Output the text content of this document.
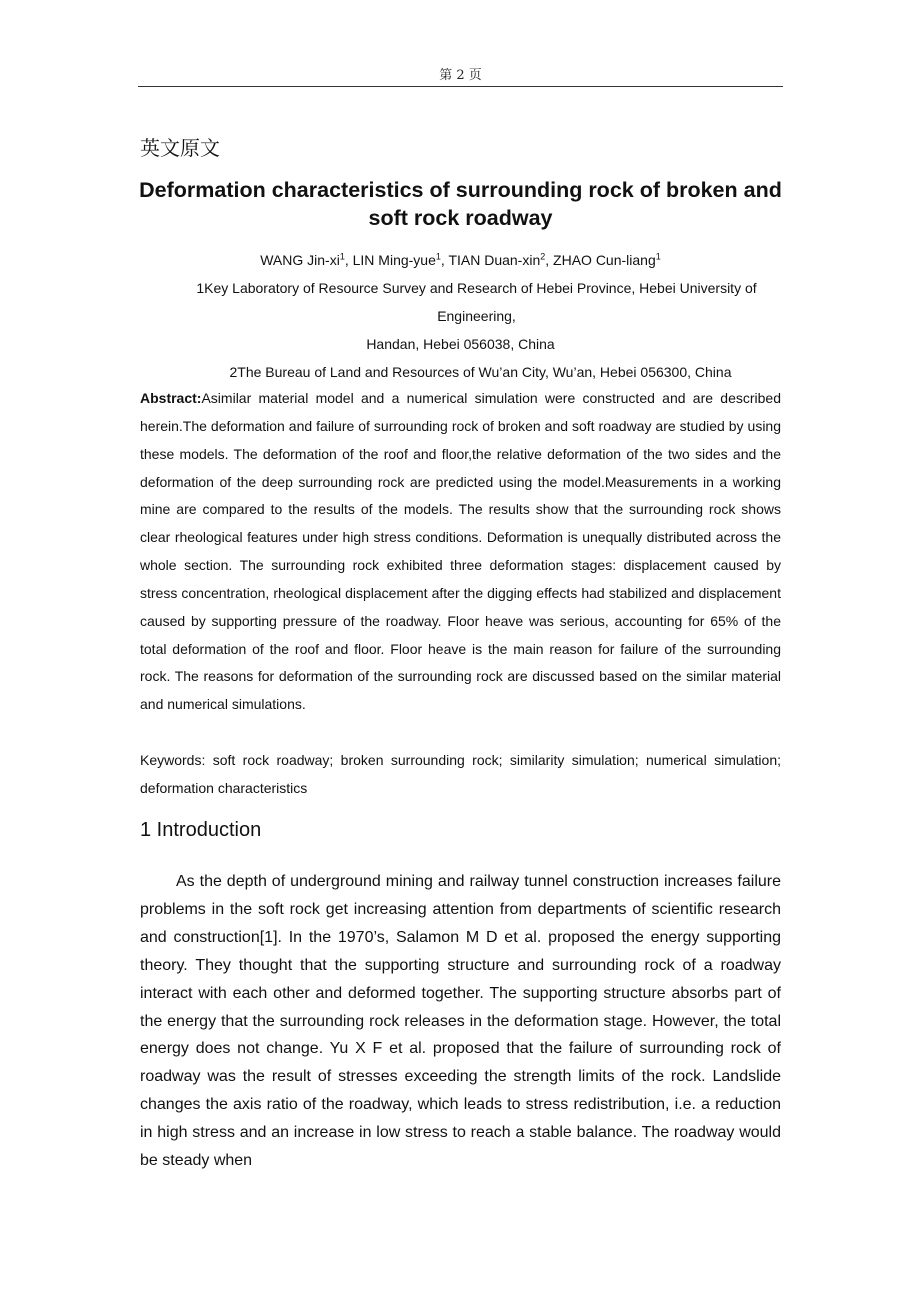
第 2 页
英文原文
Deformation characteristics of surrounding rock of broken and soft rock roadway
WANG Jin-$xi^1$, LIN Ming-yue$^1$, TIAN Duan-xin$^2$, ZHAO Cun-liang$^1$
1Key Laboratory of Resource Survey and Research of Hebei Province, Hebei University of Engineering,
Handan, Hebei 056038, China
2The Bureau of Land and Resources of Wu’an City, Wu’an, Hebei 056300, China
Abstract:Asimilar material model and a numerical simulation were constructed and are described herein.The deformation and failure of surrounding rock of broken and soft roadway are studied by using these models. The deformation of the roof and floor,the relative deformation of the two sides and the deformation of the deep surrounding rock are predicted using the model.Measurements in a working mine are compared to the results of the models. The results show that the surrounding rock shows clear rheological features under high stress conditions. Deformation is unequally distributed across the whole section. The surrounding rock exhibited three deformation stages: displacement caused by stress concentration, rheological displacement after the digging effects had stabilized and displacement caused by supporting pressure of the roadway. Floor heave was serious, accounting for 65% of the total deformation of the roof and floor. Floor heave is the main reason for failure of the surrounding rock. The reasons for deformation of the surrounding rock are discussed based on the similar material and numerical simulations.
Keywords: soft rock roadway; broken surrounding rock; similarity simulation; numerical simulation; deformation characteristics
1 Introduction

As the depth of underground mining and railway tunnel construction increases failure problems in the soft rock get increasing attention from departments of scientific research and construction[1]. In the 1970’s, Salamon M D et al. proposed the energy supporting theory. They thought that the supporting structure and surrounding rock of a roadway interact with each other and deformed together. The supporting structure absorbs part of the energy that the surrounding rock releases in the deformation stage. However, the total energy does not change. Yu X F et al. proposed that the failure of surrounding rock of roadway was the result of stresses exceeding the strength limits of the rock. Landslide changes the axis ratio of the roadway, which leads to stress redistribution, i.e. a reduction in high stress and an increase in low stress to reach a stable balance. The roadway would be steady when
